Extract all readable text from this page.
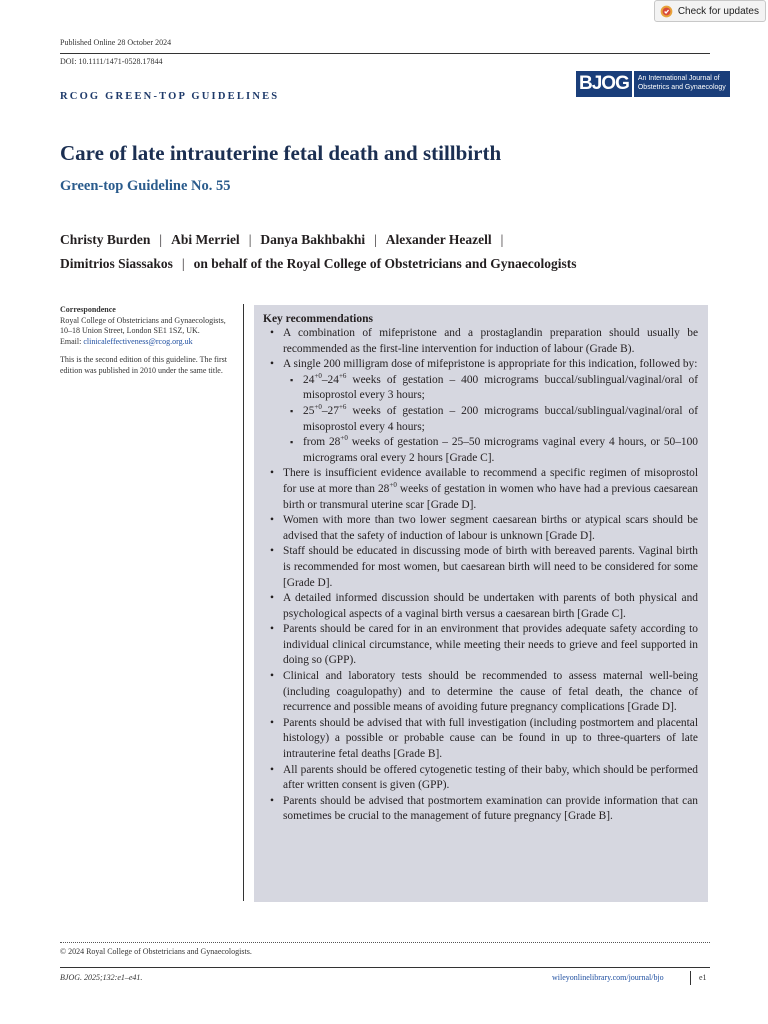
Check for updates
Published Online 28 October 2024
DOI: 10.1111/1471-0528.17844
BJOG	An International Journal of
Obstetrics and Gynaecology
RCOG GREEN-TOP GUIDELINES
Care of late intrauterine fetal death and stillbirth
Green-top Guideline No. 55
Christy Burden | Abi Merriel | Danya Bakhbakhi | Alexander Heazell |
Dimitrios Siassakos | on behalf of the Royal College of Obstetricians and Gynaecologists
Correspondence
Royal College of Obstetricians and Gynaecologists, 10–18 Union Street, London SE1 1SZ, UK.
Email: clinicaleffectiveness@rcog.org.uk
This is the second edition of this guideline. The first edition was published in 2010 under the same title.
Key recommendations
• A combination of mifepristone and a prostaglandin preparation should usually be recommended as the first-line intervention for induction of labour (Grade B).
• A single 200 milligram dose of mifepristone is appropriate for this indication, followed by:
▪ $24^{+0}-24^{+6}$ weeks of gestation – 400 micrograms buccal/sublingual/vaginal/oral of misoprostol every 3 hours;
▪ $25^{+0}-27^{+6}$ weeks of gestation – 200 micrograms buccal/sublingual/vaginal/oral of misoprostol every 4 hours;
▪ from $28^{+0}$ weeks of gestation – 25–50 micrograms vaginal every 4 hours, or 50–100 micrograms oral every 2 hours [Grade C].
• There is insufficient evidence available to recommend a specific regimen of misoprostol for use at more than $28^{+0}$ weeks of gestation in women who have had a previous caesarean birth or transmural uterine scar [Grade D].
• Women with more than two lower segment caesarean births or atypical scars should be advised that the safety of induction of labour is unknown [Grade D].
• Staff should be educated in discussing mode of birth with bereaved parents. Vaginal birth is recommended for most women, but caesarean birth will need to be considered for some [Grade D].
• A detailed informed discussion should be undertaken with parents of both physical and psychological aspects of a vaginal birth versus a caesarean birth [Grade C].
• Parents should be cared for in an environment that provides adequate safety according to individual clinical circumstance, while meeting their needs to grieve and feel supported in doing so (GPP).
• Clinical and laboratory tests should be recommended to assess maternal well-being (including coagulopathy) and to determine the cause of fetal death, the chance of recurrence and possible means of avoiding future pregnancy complications [Grade D].
• Parents should be advised that with full investigation (including postmortem and placental histology) a possible or probable cause can be found in up to three-quarters of late intrauterine fetal deaths [Grade B].
• All parents should be offered cytogenetic testing of their baby, which should be performed after written consent is given (GPP).
• Parents should be advised that postmortem examination can provide information that can sometimes be crucial to the management of future pregnancy [Grade B].
© 2024 Royal College of Obstetricians and Gynaecologists.
BJOG. 2025;132:e1–e41.	wileyonlinelibrary.com/journal/bjo	e1
